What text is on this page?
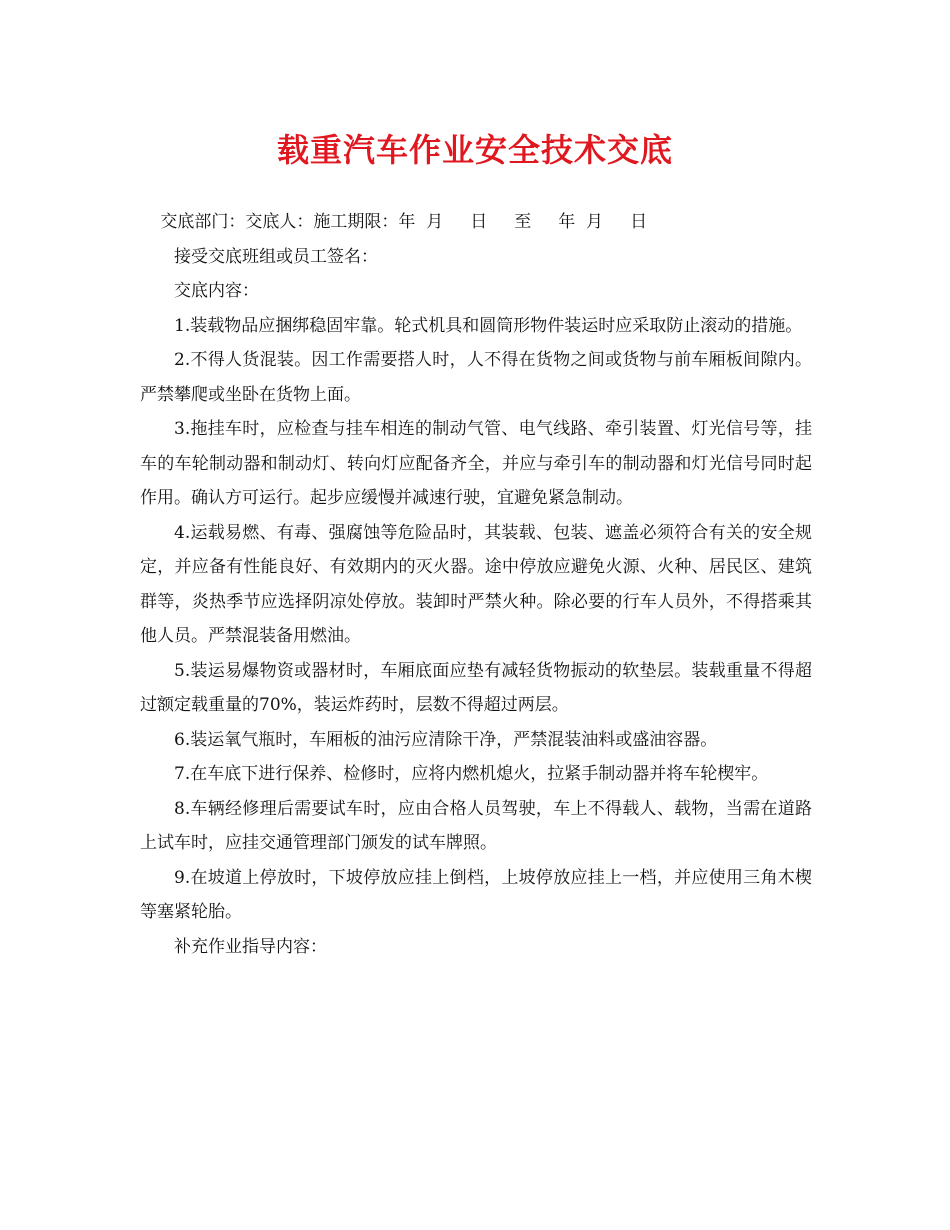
载重汽车作业安全技术交底

交底部门：交底人：施工期限：年  月     日     至     年  月     日

接受交底班组或员工签名：

交底内容：

1.装载物品应捆绑稳固牢靠。轮式机具和圆筒形物件装运时应采取防止滚动的措施。

2.不得人货混装。因工作需要搭人时，人不得在货物之间或货物与前车厢板间隙内。严禁攀爬或坐卧在货物上面。

3.拖挂车时，应检查与挂车相连的制动气管、电气线路、牵引装置、灯光信号等，挂车的车轮制动器和制动灯、转向灯应配备齐全，并应与牵引车的制动器和灯光信号同时起作用。确认方可运行。起步应缓慢并减速行驶，宜避免紧急制动。

4.运载易燃、有毒、强腐蚀等危险品时，其装载、包装、遮盖必须符合有关的安全规定，并应备有性能良好、有效期内的灭火器。途中停放应避免火源、火种、居民区、建筑群等，炎热季节应选择阴凉处停放。装卸时严禁火种。除必要的行车人员外，不得搭乘其他人员。严禁混装备用燃油。

5.装运易爆物资或器材时，车厢底面应垫有减轻货物振动的软垫层。装载重量不得超过额定载重量的70%，装运炸药时，层数不得超过两层。

6.装运氧气瓶时，车厢板的油污应清除干净，严禁混装油料或盛油容器。

7.在车底下进行保养、检修时，应将内燃机熄火，拉紧手制动器并将车轮楔牢。

8.车辆经修理后需要试车时，应由合格人员驾驶，车上不得载人、载物，当需在道路上试车时，应挂交通管理部门颁发的试车牌照。

9.在坡道上停放时，下坡停放应挂上倒档，上坡停放应挂上一档，并应使用三角木楔等塞紧轮胎。

补充作业指导内容：
